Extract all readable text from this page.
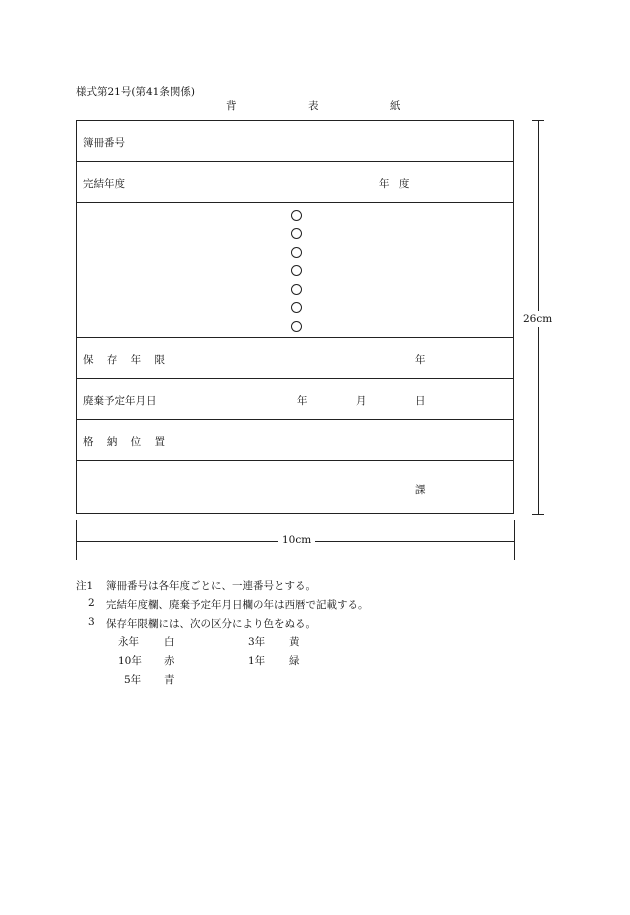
様式第21号(第41条関係)
背	表	紙
簿冊番号
完結年度	年 度
保 存 年 限	年
廃棄予定年月日	年	月	日
格 納 位 置
課
26cm
10cm
注1 簿冊番号は各年度ごとに、一連番号とする。
2 完結年度欄、廃棄予定年月日欄の年は西暦で記載する。
3 保存年限欄には、次の区分により色をぬる。
永年 白	3年 黄
10年 赤	1年 緑
5年 青
